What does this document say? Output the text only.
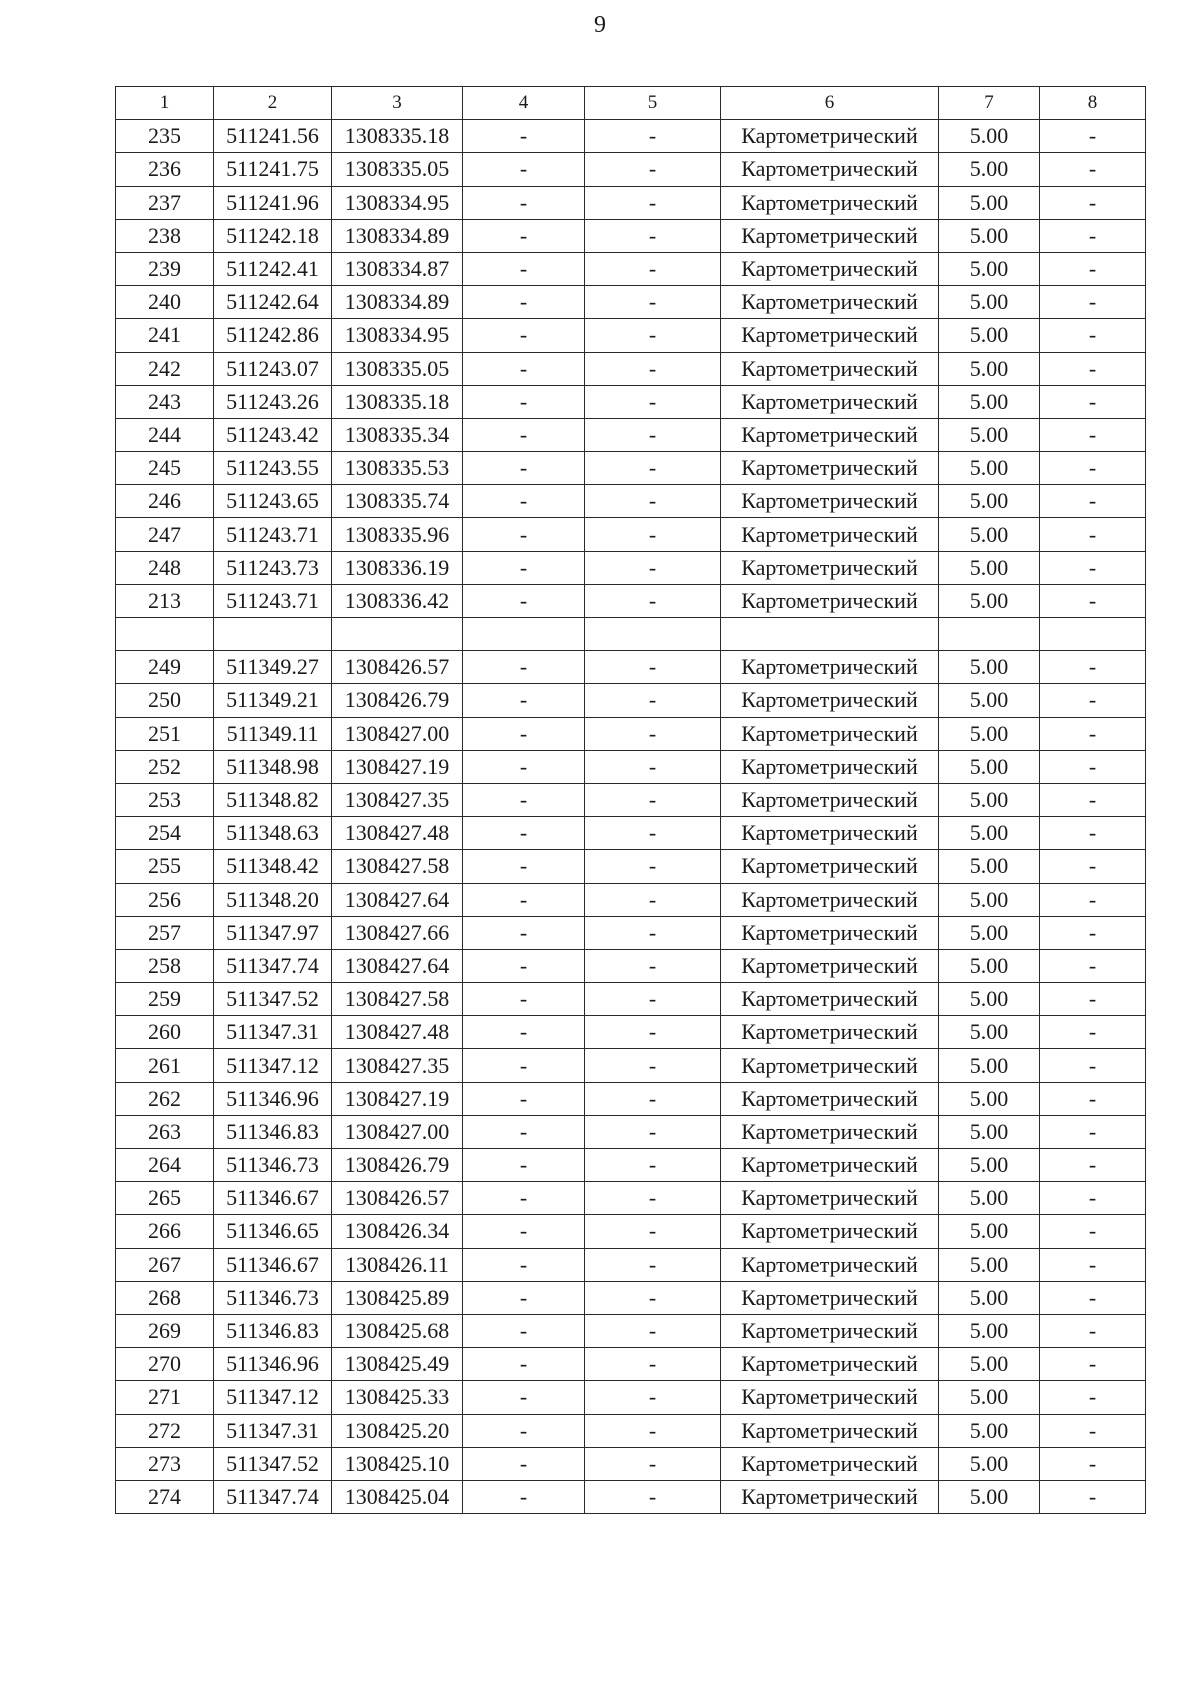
9
1	2	3	4	5	6	7	8
235	511241.56	1308335.18	-	-	Картометрический	5.00	-
236	511241.75	1308335.05	-	-	Картометрический	5.00	-
237	511241.96	1308334.95	-	-	Картометрический	5.00	-
238	511242.18	1308334.89	-	-	Картометрический	5.00	-
239	511242.41	1308334.87	-	-	Картометрический	5.00	-
240	511242.64	1308334.89	-	-	Картометрический	5.00	-
241	511242.86	1308334.95	-	-	Картометрический	5.00	-
242	511243.07	1308335.05	-	-	Картометрический	5.00	-
243	511243.26	1308335.18	-	-	Картометрический	5.00	-
244	511243.42	1308335.34	-	-	Картометрический	5.00	-
245	511243.55	1308335.53	-	-	Картометрический	5.00	-
246	511243.65	1308335.74	-	-	Картометрический	5.00	-
247	511243.71	1308335.96	-	-	Картометрический	5.00	-
248	511243.73	1308336.19	-	-	Картометрический	5.00	-
213	511243.71	1308336.42	-	-	Картометрический	5.00	-

249	511349.27	1308426.57	-	-	Картометрический	5.00	-
250	511349.21	1308426.79	-	-	Картометрический	5.00	-
251	511349.11	1308427.00	-	-	Картометрический	5.00	-
252	511348.98	1308427.19	-	-	Картометрический	5.00	-
253	511348.82	1308427.35	-	-	Картометрический	5.00	-
254	511348.63	1308427.48	-	-	Картометрический	5.00	-
255	511348.42	1308427.58	-	-	Картометрический	5.00	-
256	511348.20	1308427.64	-	-	Картометрический	5.00	-
257	511347.97	1308427.66	-	-	Картометрический	5.00	-
258	511347.74	1308427.64	-	-	Картометрический	5.00	-
259	511347.52	1308427.58	-	-	Картометрический	5.00	-
260	511347.31	1308427.48	-	-	Картометрический	5.00	-
261	511347.12	1308427.35	-	-	Картометрический	5.00	-
262	511346.96	1308427.19	-	-	Картометрический	5.00	-
263	511346.83	1308427.00	-	-	Картометрический	5.00	-
264	511346.73	1308426.79	-	-	Картометрический	5.00	-
265	511346.67	1308426.57	-	-	Картометрический	5.00	-
266	511346.65	1308426.34	-	-	Картометрический	5.00	-
267	511346.67	1308426.11	-	-	Картометрический	5.00	-
268	511346.73	1308425.89	-	-	Картометрический	5.00	-
269	511346.83	1308425.68	-	-	Картометрический	5.00	-
270	511346.96	1308425.49	-	-	Картометрический	5.00	-
271	511347.12	1308425.33	-	-	Картометрический	5.00	-
272	511347.31	1308425.20	-	-	Картометрический	5.00	-
273	511347.52	1308425.10	-	-	Картометрический	5.00	-
274	511347.74	1308425.04	-	-	Картометрический	5.00	-
